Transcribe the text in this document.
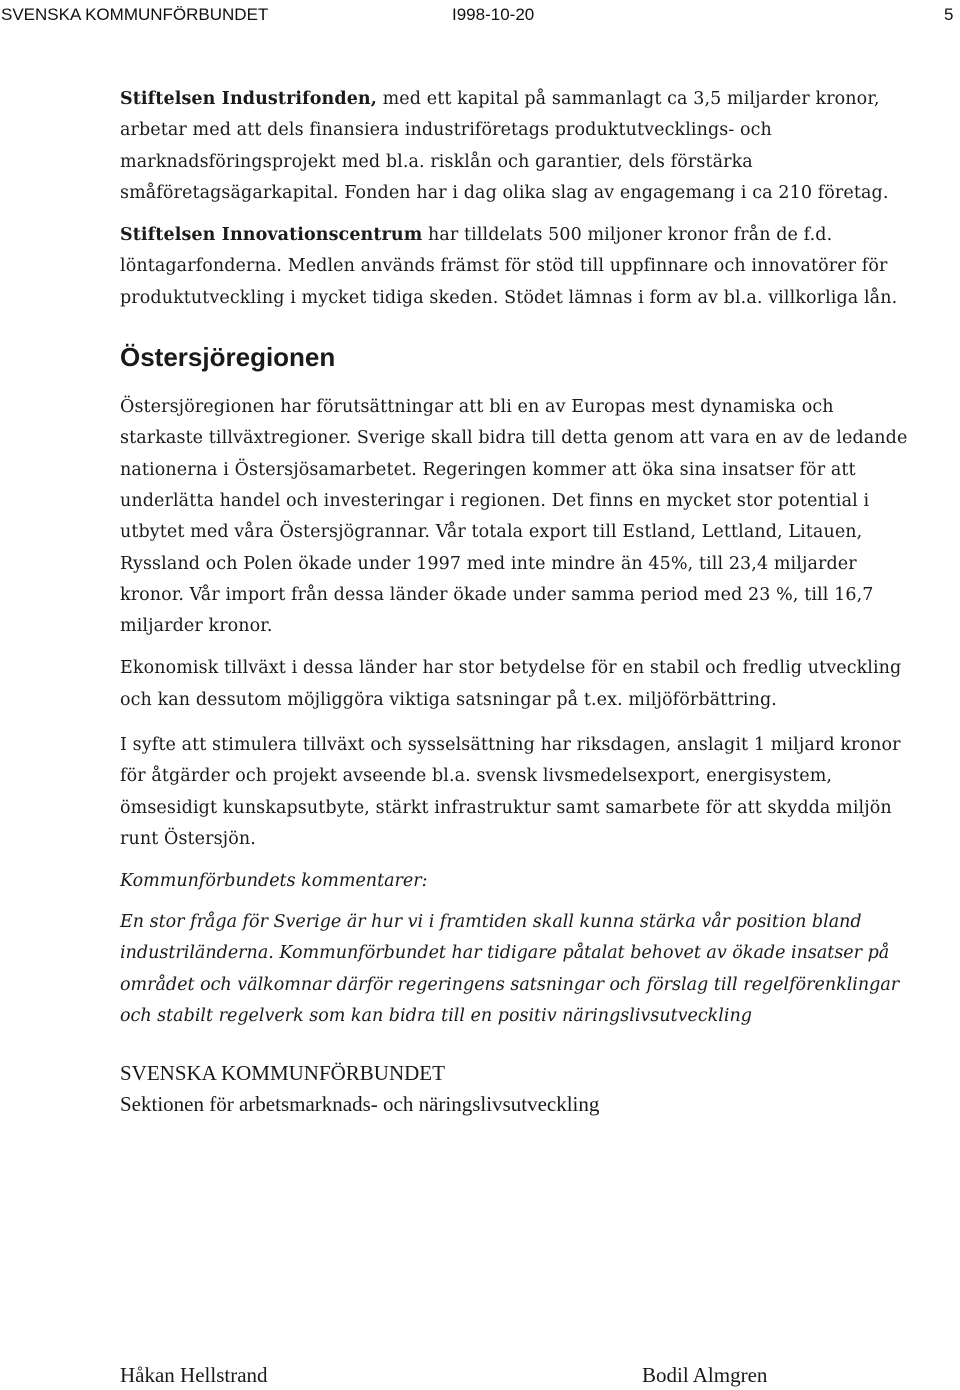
SVENSKA KOMMUNFÖRBUNDET	I998-10-20	5

Stiftelsen Industrifonden, med ett kapital på sammanlagt ca 3,5 miljarder kronor, arbetar med att dels finansiera industriföretags produktutvecklings- och marknadsföringsprojekt med bl.a. risklån och garantier, dels förstärka småföretagsägarkapital. Fonden har i dag olika slag av engagemang i ca 210 företag.

Stiftelsen Innovationscentrum har tilldelats 500 miljoner kronor från de f.d. löntagarfonderna. Medlen används främst för stöd till uppfinnare och innovatörer för produktutveckling i mycket tidiga skeden. Stödet lämnas i form av bl.a. villkorliga lån.

Östersjöregionen

Östersjöregionen har förutsättningar att bli en av Europas mest dynamiska och starkaste tillväxtregioner. Sverige skall bidra till detta genom att vara en av de ledande nationerna i Östersjösamarbetet. Regeringen kommer att öka sina insatser för att underlätta handel och investeringar i regionen. Det finns en mycket stor potential i utbytet med våra Östersjögrannar. Vår totala export till Estland, Lettland, Litauen, Ryssland och Polen ökade under 1997 med inte mindre än 45%, till 23,4 miljarder kronor. Vår import från dessa länder ökade under samma period med 23 %, till 16,7 miljarder kronor.

Ekonomisk tillväxt i dessa länder har stor betydelse för en stabil och fredlig utveckling och kan dessutom möjliggöra viktiga satsningar på t.ex. miljöförbättring.

I syfte att stimulera tillväxt och sysselsättning har riksdagen, anslagit 1 miljard kronor för åtgärder och projekt avseende bl.a. svensk livsmedelsexport, energisystem, ömsesidigt kunskapsutbyte, stärkt infrastruktur samt samarbete för att skydda miljön runt Östersjön.

Kommunförbundets kommentarer:

En stor fråga för Sverige är hur vi i framtiden skall kunna stärka vår position bland industriländerna. Kommunförbundet har tidigare påtalat behovet av ökade insatser på området och välkomnar därför regeringens satsningar och förslag till regelförenklingar och stabilt regelverk som kan bidra till en positiv näringslivsutveckling

SVENSKA KOMMUNFÖRBUNDET

Sektionen för arbetsmarknads- och näringslivsutveckling

Håkan Hellstrand	Bodil Almgren
